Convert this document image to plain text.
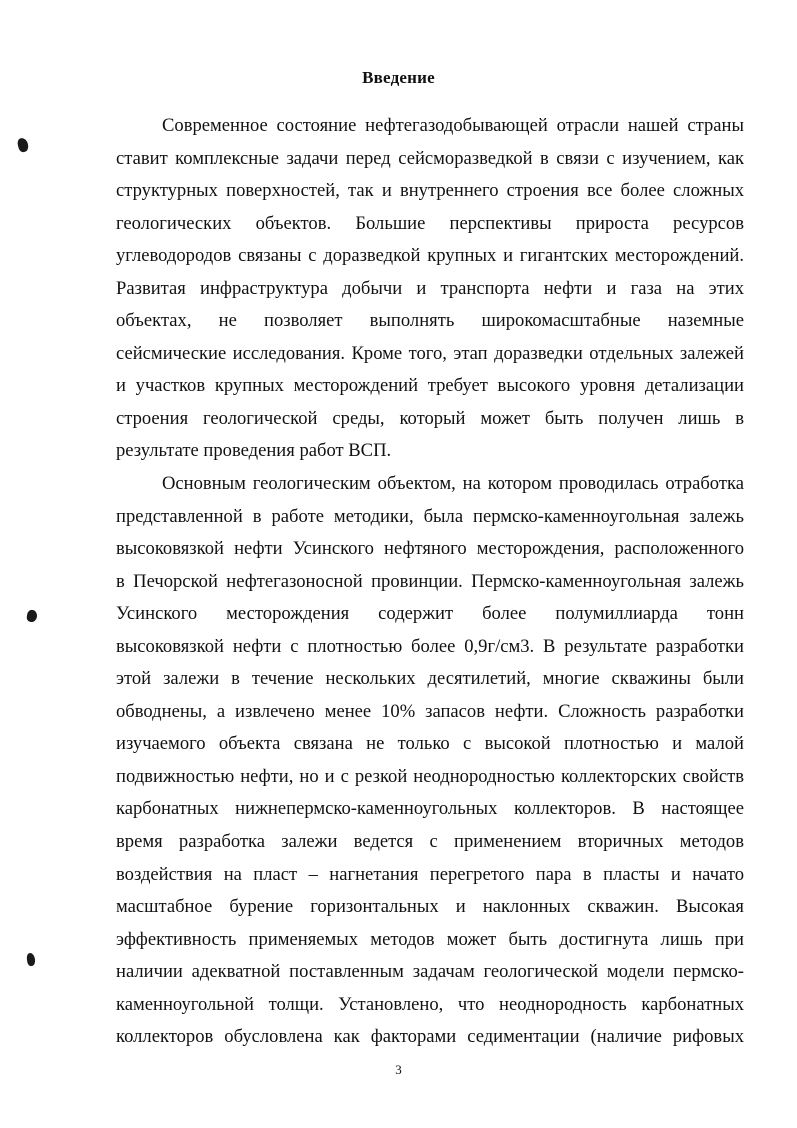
Введение
Современное состояние нефтегазодобывающей отрасли нашей страны
ставит комплексные задачи перед сейсморазведкой в связи с изучением, как
структурных поверхностей, так и внутреннего строения все более сложных
геологических объектов. Большие перспективы прироста ресурсов
углеводородов связаны с доразведкой крупных и гигантских месторождений.
Развитая инфраструктура добычи и транспорта нефти и газа на этих
объектах, не позволяет выполнять широкомасштабные наземные
сейсмические исследования. Кроме того, этап доразведки отдельных залежей
и участков крупных месторождений требует высокого уровня детализации
строения геологической среды, который может быть получен лишь в
результате проведения работ ВСП.
Основным геологическим объектом, на котором проводилась отработка
представленной в работе методики, была пермско-каменноугольная залежь
высоковязкой нефти Усинского нефтяного месторождения, расположенного
в Печорской нефтегазоносной провинции. Пермско-каменноугольная залежь
Усинского месторождения содержит более полумиллиарда тонн
высоковязкой нефти с плотностью более 0,9г/см3. В результате разработки
этой залежи в течение нескольких десятилетий, многие скважины были
обводнены, а извлечено менее 10% запасов нефти. Сложность разработки
изучаемого объекта связана не только с высокой плотностью и малой
подвижностью нефти, но и с резкой неоднородностью коллекторских свойств
карбонатных нижнепермско-каменноугольных коллекторов. В настоящее
время разработка залежи ведется с применением вторичных методов
воздействия на пласт – нагнетания перегретого пара в пласты и начато
масштабное бурение горизонтальных и наклонных скважин. Высокая
эффективность применяемых методов может быть достигнута лишь при
наличии адекватной поставленным задачам геологической модели пермско-
каменноугольной толщи. Установлено, что неоднородность карбонатных
коллекторов обусловлена как факторами седиментации (наличие рифовых
3
